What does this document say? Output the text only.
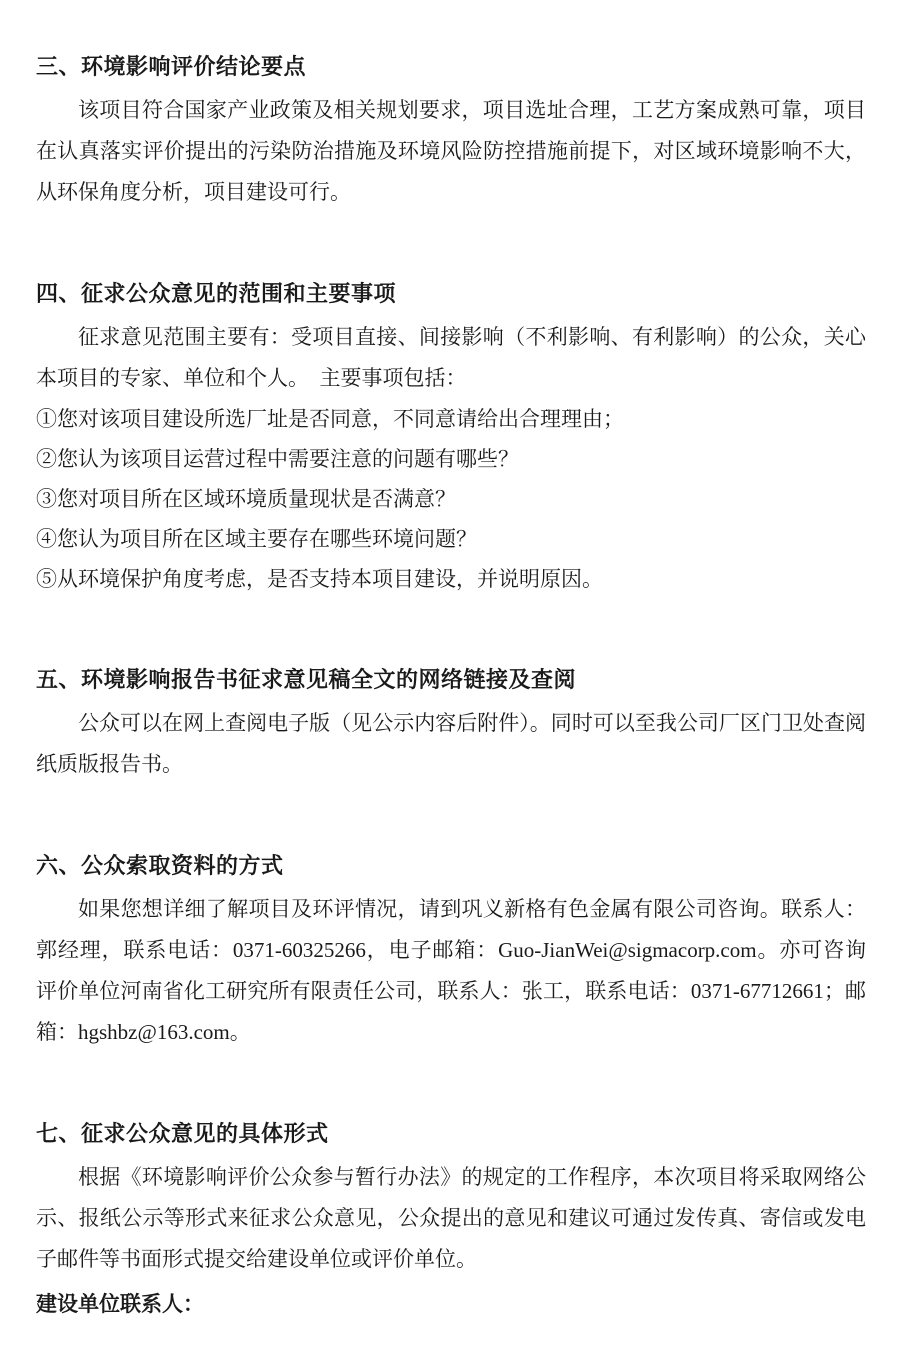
三、环境影响评价结论要点

该项目符合国家产业政策及相关规划要求，项目选址合理，工艺方案成熟可靠，项目在认真落实评价提出的污染防治措施及环境风险防控措施前提下，对区域环境影响不大，从环保角度分析，项目建设可行。

四、征求公众意见的范围和主要事项

征求意见范围主要有：受项目直接、间接影响（不利影响、有利影响）的公众，关心本项目的专家、单位和个人。　主要事项包括：

①您对该项目建设所选厂址是否同意，不同意请给出合理理由；

②您认为该项目运营过程中需要注意的问题有哪些？

③您对项目所在区域环境质量现状是否满意？

④您认为项目所在区域主要存在哪些环境问题？

⑤从环境保护角度考虑，是否支持本项目建设，并说明原因。

五、环境影响报告书征求意见稿全文的网络链接及查阅

公众可以在网上查阅电子版（见公示内容后附件）。同时可以至我公司厂区门卫处查阅纸质版报告书。

六、公众索取资料的方式

如果您想详细了解项目及环评情况，请到巩义新格有色金属有限公司咨询。联系人：郭经理，联系电话：0371-60325266，电子邮箱：Guo-JianWei@sigmacorp.com。亦可咨询评价单位河南省化工研究所有限责任公司，联系人：张工，联系电话：0371-67712661；邮箱：hgshbz@163.com。

七、征求公众意见的具体形式

根据《环境影响评价公众参与暂行办法》的规定的工作程序，本次项目将采取网络公示、报纸公示等形式来征求公众意见，公众提出的意见和建议可通过发传真、寄信或发电子邮件等书面形式提交给建设单位或评价单位。

建设单位联系人：
